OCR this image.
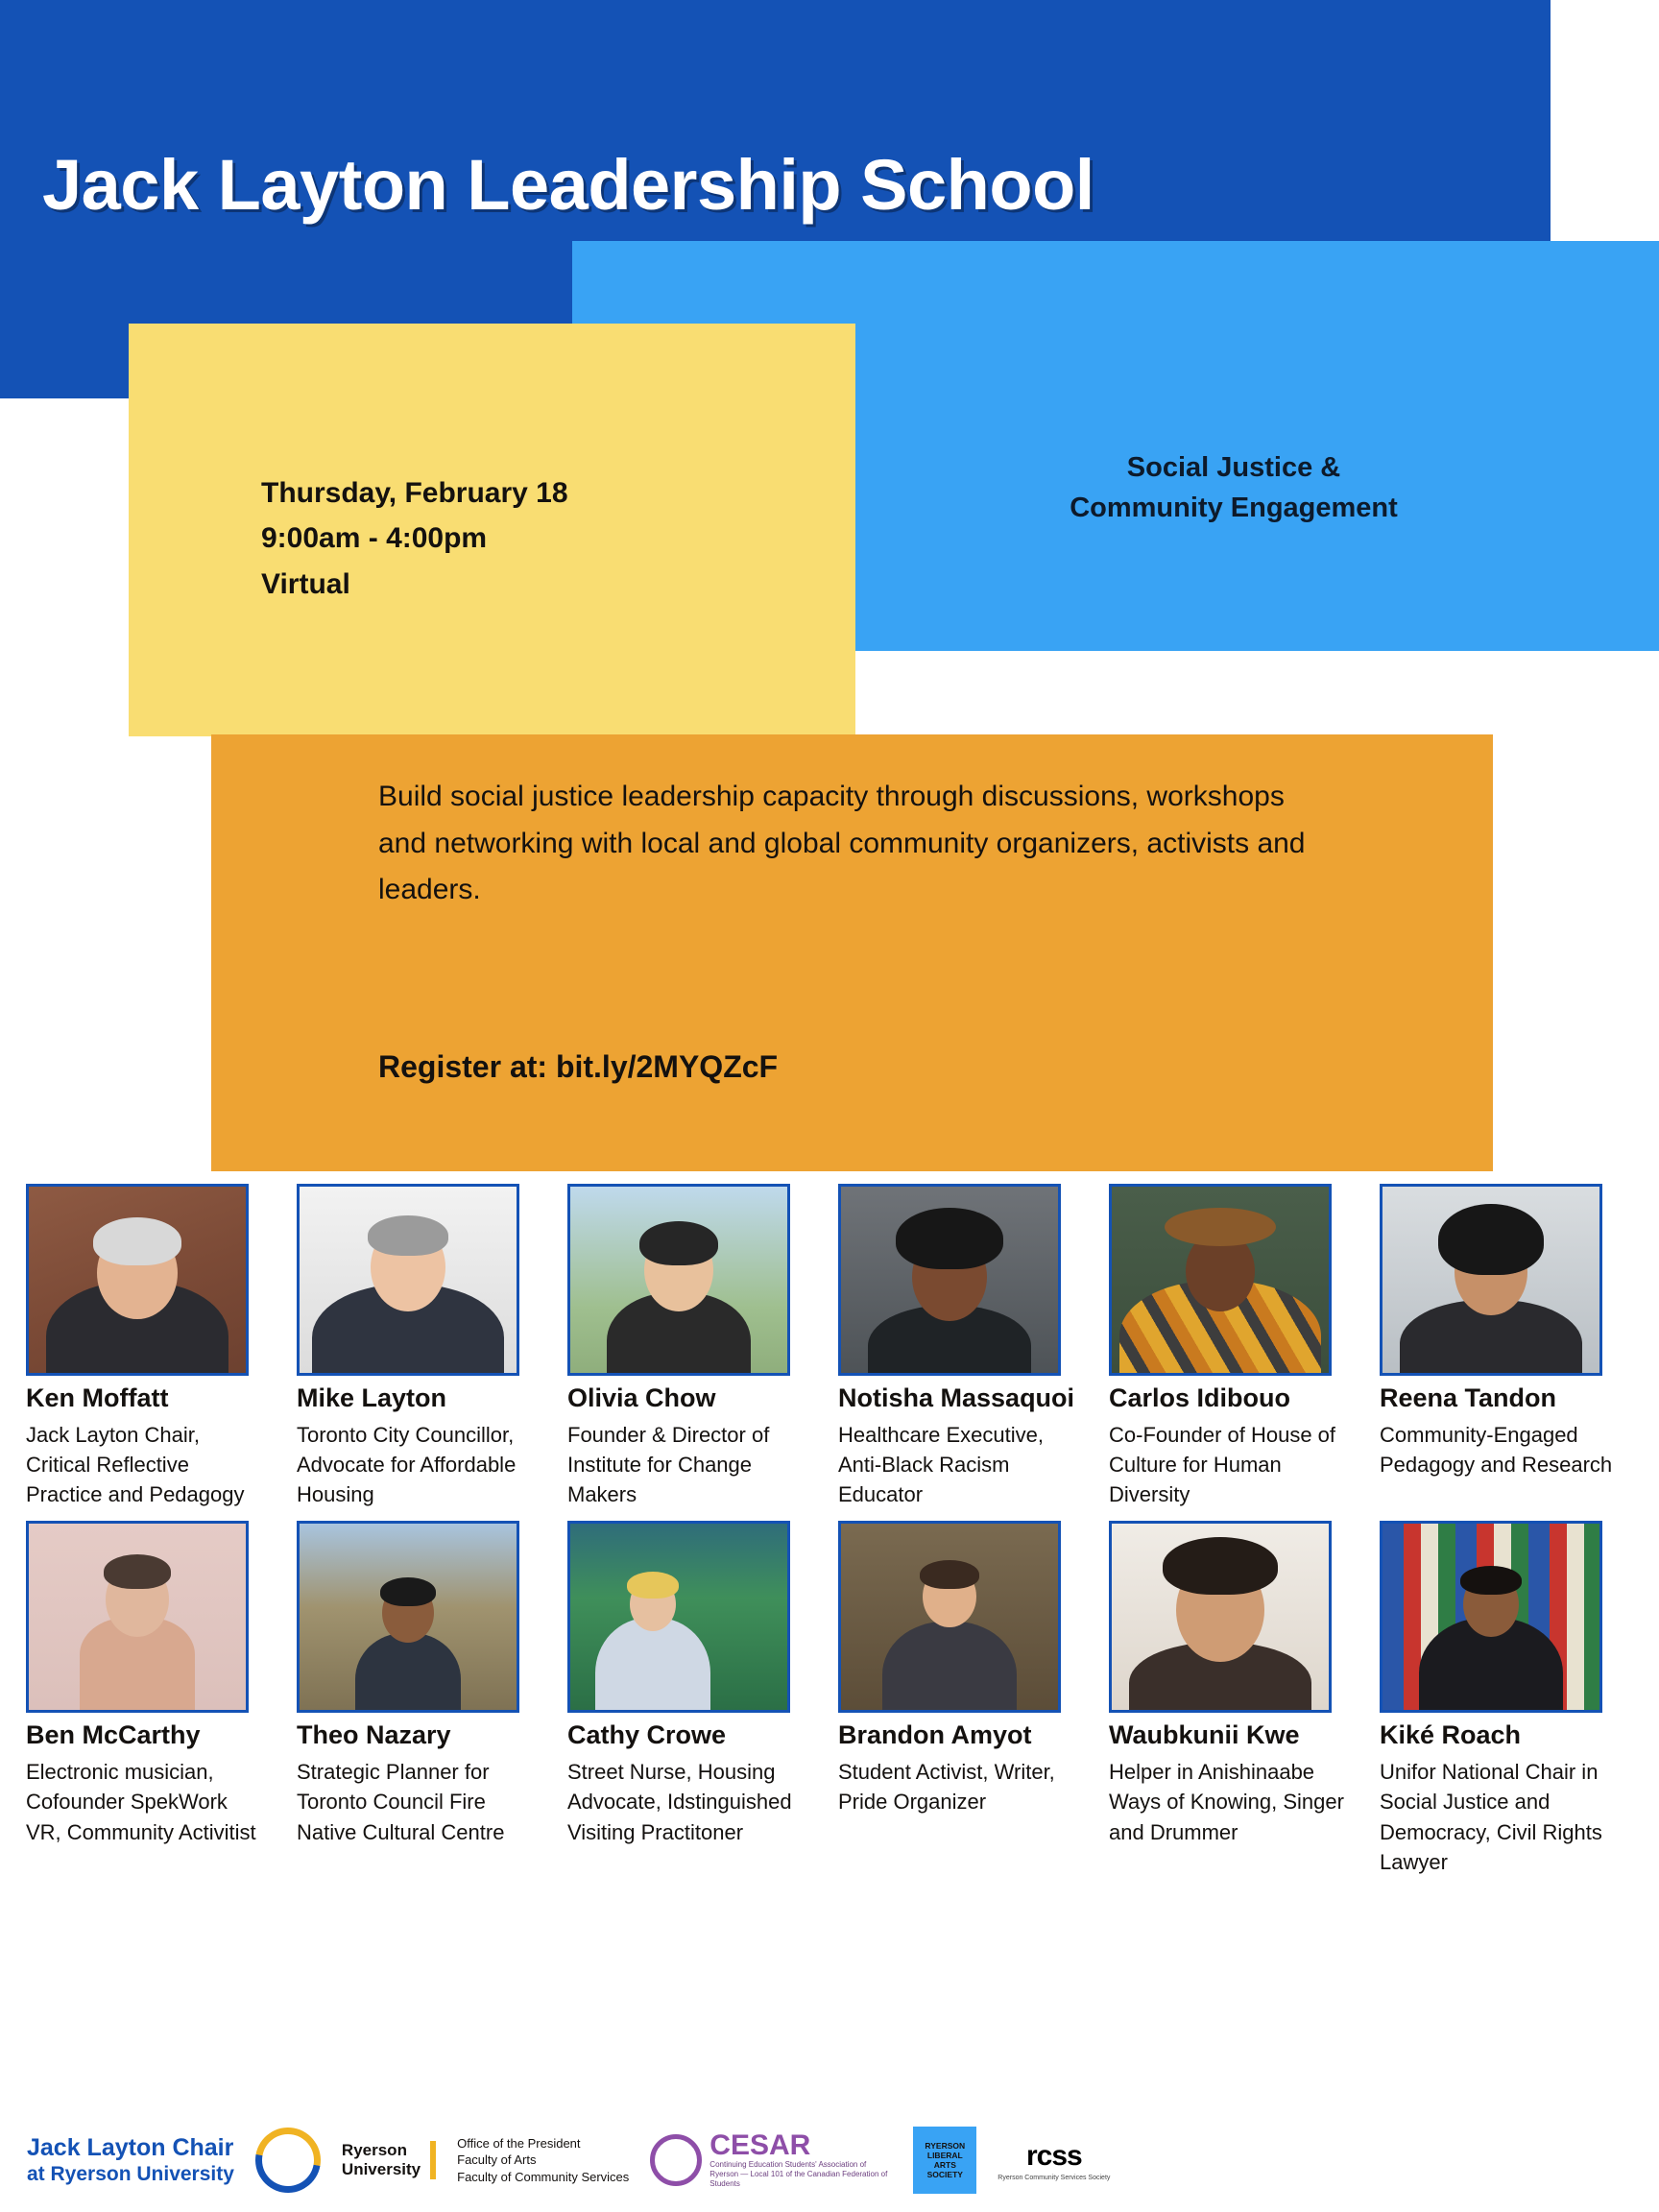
Jack Layton Leadership School
Social Justice &
Community Engagement
Thursday, February 18
9:00am - 4:00pm
Virtual
Build social justice leadership capacity through discussions, workshops and networking with local and global community organizers, activists and leaders.
Register at: bit.ly/2MYQZcF
Ken Moffatt
Jack Layton Chair, Critical Reflective Practice and Pedagogy
Mike Layton
Toronto City Councillor, Advocate for Affordable Housing
Olivia Chow
Founder & Director of Institute for Change Makers
Notisha Massaquoi
Healthcare Executive, Anti-Black Racism Educator
Carlos Idibouo
Co-Founder of House of Culture for Human Diversity
Reena Tandon
Community-Engaged Pedagogy and Research
Ben McCarthy
Electronic musician, Cofounder SpekWork VR, Community Activitist
Theo Nazary
Strategic Planner for Toronto Council Fire Native Cultural Centre
Cathy Crowe
Street Nurse, Housing Advocate, Idstinguished Visiting Practitoner
Brandon Amyot
Student Activist, Writer, Pride Organizer
Waubkunii Kwe
Helper in Anishinaabe Ways of Knowing, Singer and Drummer
Kiké Roach
Unifor National Chair in Social Justice and Democracy, Civil Rights Lawyer
Jack Layton Chair
at Ryerson University
Ryerson
University
Office of the President
Faculty of Arts
Faculty of Community Services
CESAR
Continuing Education Students' Association of Ryerson — Local 101 of the Canadian Federation of Students
RYERSON LIBERAL ARTS SOCIETY
rcss
Ryerson Community Services Society
